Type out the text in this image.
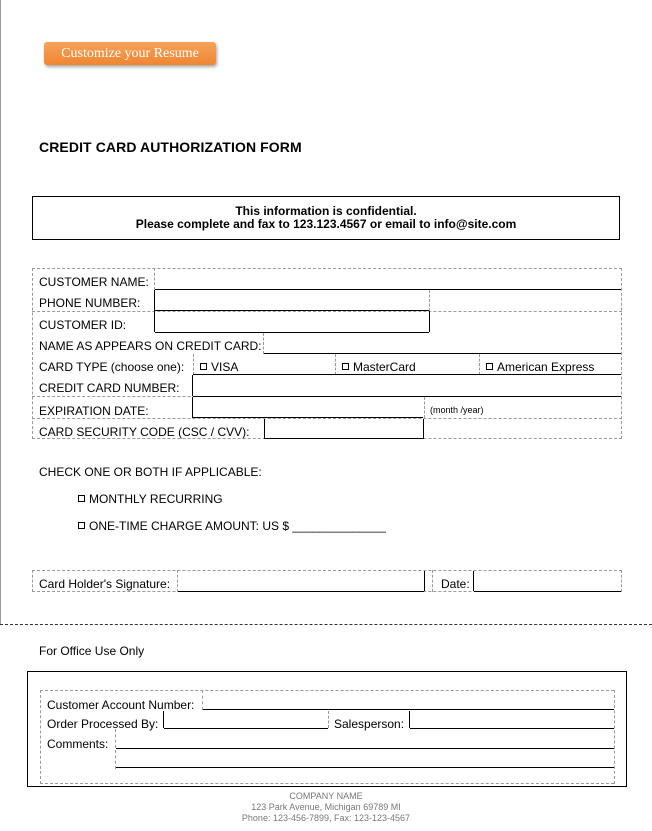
Customize your Resume
CREDIT CARD AUTHORIZATION FORM
This information is confidential.
Please complete and fax to 123.123.4567 or email to info@site.com
CUSTOMER NAME:
PHONE NUMBER:
CUSTOMER ID:
NAME AS APPEARS ON CREDIT CARD:
CARD TYPE (choose one):	VISA	MasterCard	American Express
CREDIT CARD NUMBER:
EXPIRATION DATE:	(month /year)
CARD SECURITY CODE (CSC / CVV):
CHECK ONE OR BOTH IF APPLICABLE:
MONTHLY RECURRING
ONE-TIME CHARGE AMOUNT: US $ ______________
Card Holder's Signature:	Date:
For Office Use Only
Customer Account Number:
Order Processed By:	Salesperson:
Comments:
COMPANY NAME
123 Park Avenue, Michigan 69789 MI
Phone: 123-456-7899, Fax: 123-123-4567
